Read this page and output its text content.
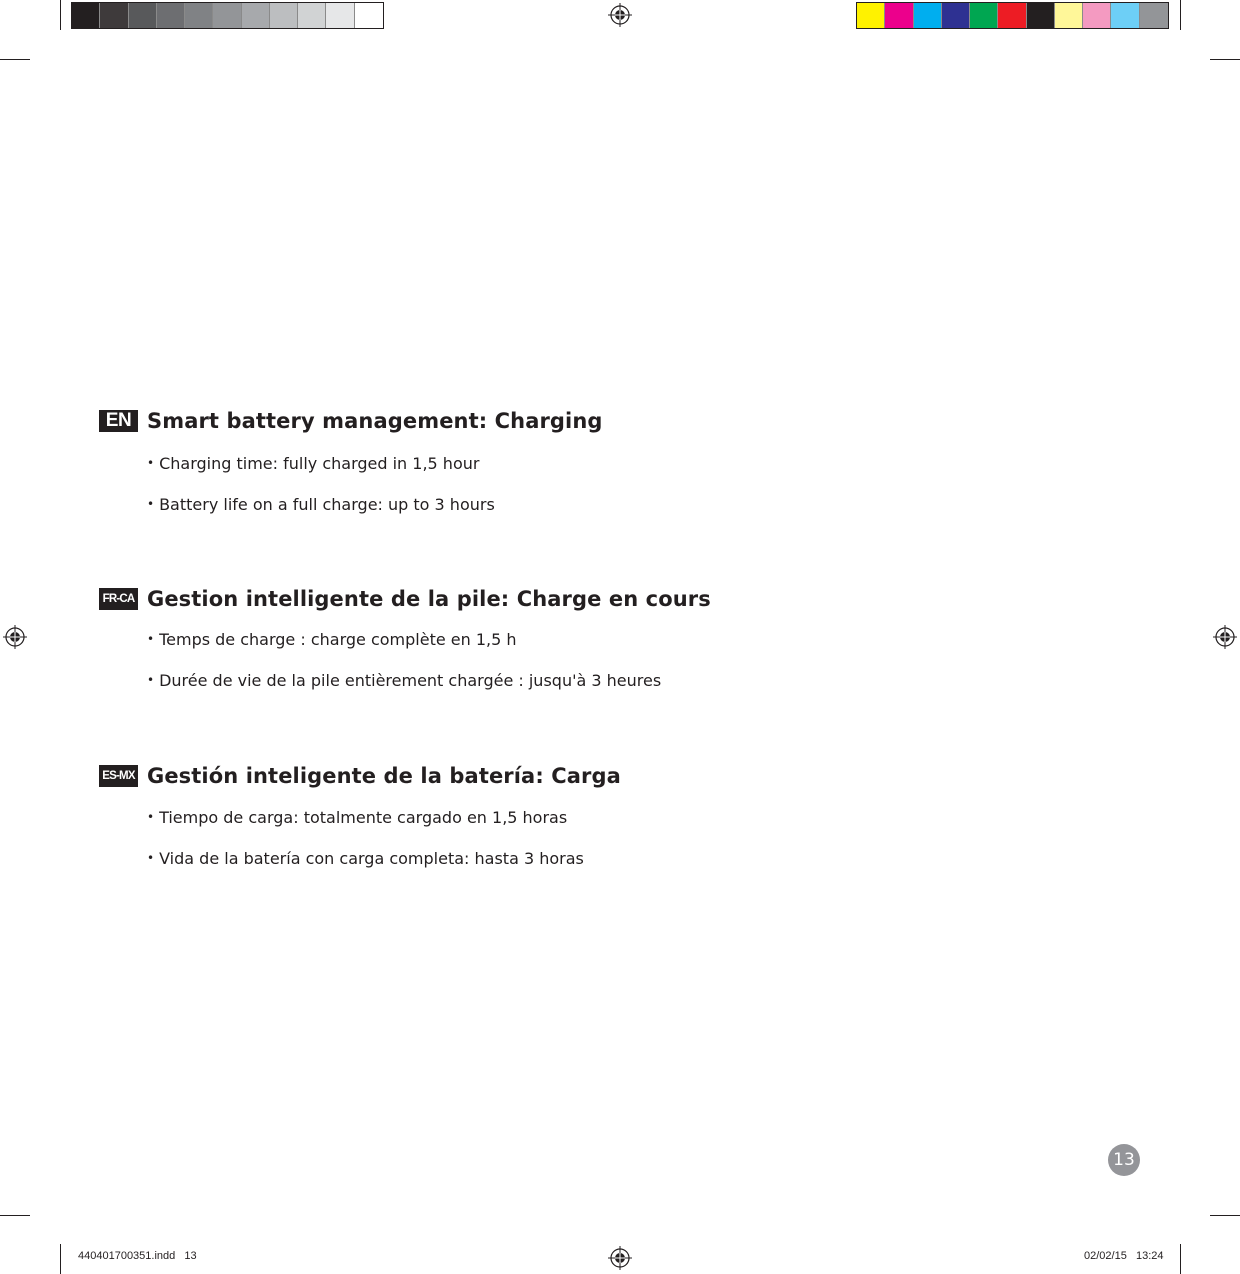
EN Smart battery management: Charging
• Charging time: fully charged in 1,5 hour
• Battery life on a full charge: up to 3 hours
FR-CA Gestion intelligente de la pile: Charge en cours
• Temps de charge : charge complète en 1,5 h
• Durée de vie de la pile entièrement chargée : jusqu'à 3 heures
ES-MX Gestión inteligente de la batería: Carga
• Tiempo de carga: totalmente cargado en 1,5 horas
• Vida de la batería con carga completa: hasta 3 horas
13
440401700351.indd   13	02/02/15   13:24
